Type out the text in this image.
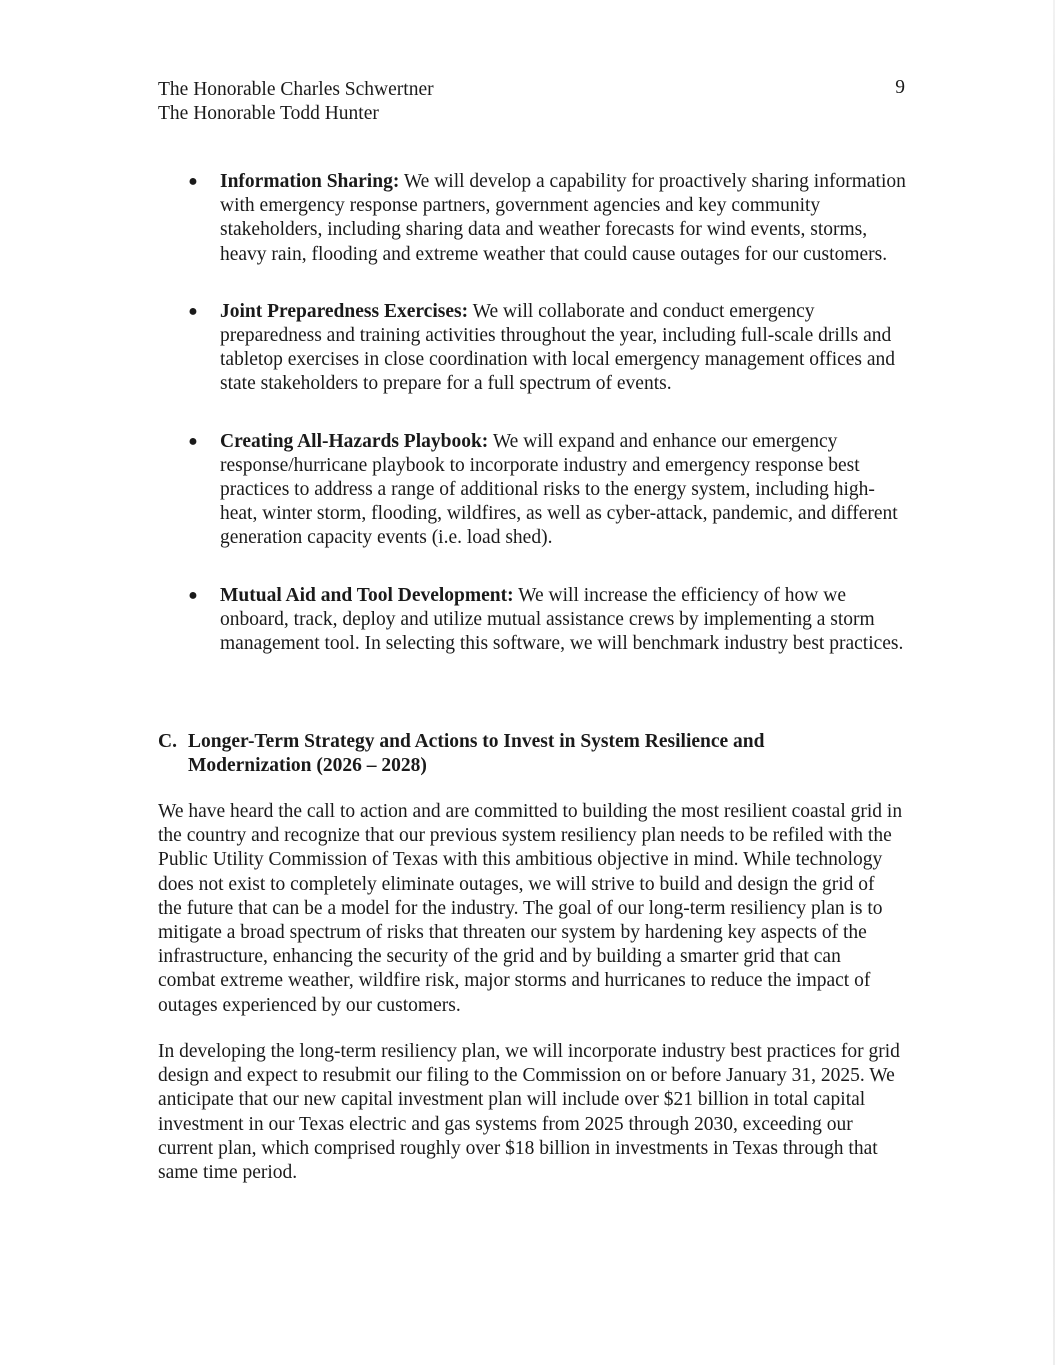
The Honorable Charles Schwertner
The Honorable Todd Hunter
9
● Information Sharing: We will develop a capability for proactively sharing information with emergency response partners, government agencies and key community stakeholders, including sharing data and weather forecasts for wind events, storms, heavy rain, flooding and extreme weather that could cause outages for our customers.
● Joint Preparedness Exercises: We will collaborate and conduct emergency preparedness and training activities throughout the year, including full-scale drills and tabletop exercises in close coordination with local emergency management offices and state stakeholders to prepare for a full spectrum of events.
● Creating All-Hazards Playbook: We will expand and enhance our emergency response/hurricane playbook to incorporate industry and emergency response best practices to address a range of additional risks to the energy system, including high-heat, winter storm, flooding, wildfires, as well as cyber-attack, pandemic, and different generation capacity events (i.e. load shed).
● Mutual Aid and Tool Development: We will increase the efficiency of how we onboard, track, deploy and utilize mutual assistance crews by implementing a storm management tool. In selecting this software, we will benchmark industry best practices.
C. Longer-Term Strategy and Actions to Invest in System Resilience and
Modernization (2026 – 2028)

We have heard the call to action and are committed to building the most resilient coastal grid in the country and recognize that our previous system resiliency plan needs to be refiled with the Public Utility Commission of Texas with this ambitious objective in mind. While technology does not exist to completely eliminate outages, we will strive to build and design the grid of the future that can be a model for the industry. The goal of our long-term resiliency plan is to mitigate a broad spectrum of risks that threaten our system by hardening key aspects of the infrastructure, enhancing the security of the grid and by building a smarter grid that can combat extreme weather, wildfire risk, major storms and hurricanes to reduce the impact of outages experienced by our customers.

In developing the long-term resiliency plan, we will incorporate industry best practices for grid design and expect to resubmit our filing to the Commission on or before January 31, 2025. We anticipate that our new capital investment plan will include over $21 billion in total capital investment in our Texas electric and gas systems from 2025 through 2030, exceeding our current plan, which comprised roughly over $18 billion in investments in Texas through that same time period.
